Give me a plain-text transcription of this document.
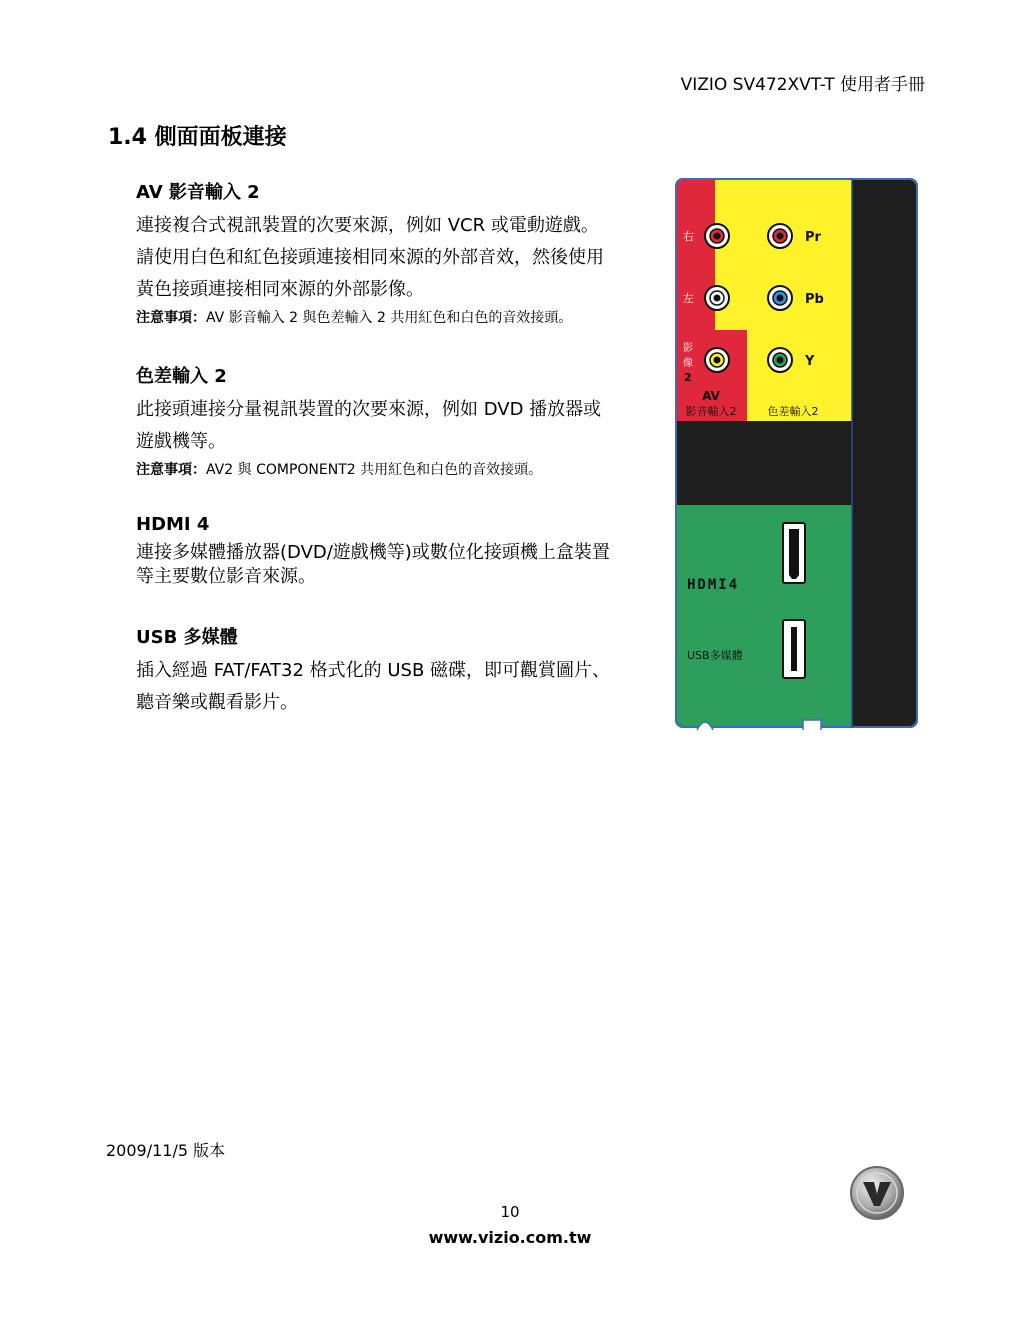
VIZIO SV472XVT-T 使用者手冊
1.4 側面面板連接
AV 影音輸入 2

連接複合式視訊裝置的次要來源，例如 VCR 或電動遊戲。

請使用白色和紅色接頭連接相同來源的外部音效，然後使用

黃色接頭連接相同來源的外部影像。

注意事項：AV 影音輸入 2 與色差輸入 2 共用紅色和白色的音效接頭。
色差輸入 2

此接頭連接分量視訊裝置的次要來源，例如 DVD 播放器或

遊戲機等。

注意事項：AV2 與 COMPONENT2 共用紅色和白色的音效接頭。
HDMI 4

連接多媒體播放器(DVD/遊戲機等)或數位化接頭機上盒裝置

等主要數位影音來源。

USB 多媒體

插入經過 FAT/FAT32 格式化的 USB 磁碟，即可觀賞圖片、

聽音樂或觀看影片。

右
左
影
像
2
Pr
Pb
Y
AV
影音輸入2	色差輸入2
HDMI4
USB多媒體
2009/11/5 版本
10
www.vizio.com.tw
